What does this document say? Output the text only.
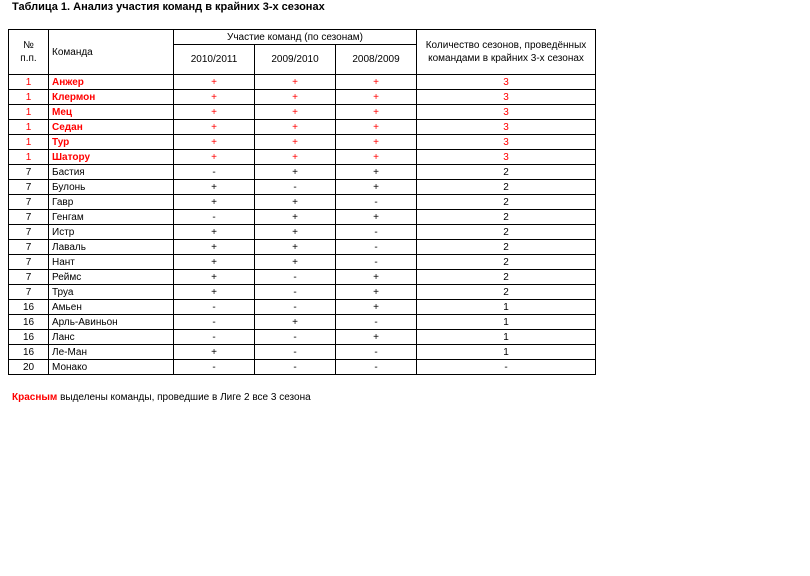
Таблица 1. Анализ участия команд в крайних 3-х сезонах
№
п.п.	Команда	Участие команд (по сезонам)			Количество сезонов, проведённых командами в крайних 3-х сезонах
		2010/2011	2009/2010	2008/2009	
1	Анжер	+	+	+	3
1	Клермон	+	+	+	3
1	Мец	+	+	+	3
1	Седан	+	+	+	3
1	Тур	+	+	+	3
1	Шатору	+	+	+	3
7	Бастия	-	+	+	2
7	Булонь	+	-	+	2
7	Гавр	+	+	-	2
7	Генгам	-	+	+	2
7	Истр	+	+	-	2
7	Лаваль	+	+	-	2
7	Нант	+	+	-	2
7	Реймс	+	-	+	2
7	Труа	+	-	+	2
16	Амьен	-	-	+	1
16	Арль-Авиньон	-	+	-	1
16	Ланс	-	-	+	1
16	Ле-Ман	+	-	-	1
20	Монако	-	-	-	-
Красным выделены команды, проведшие в Лиге 2 все 3 сезона
